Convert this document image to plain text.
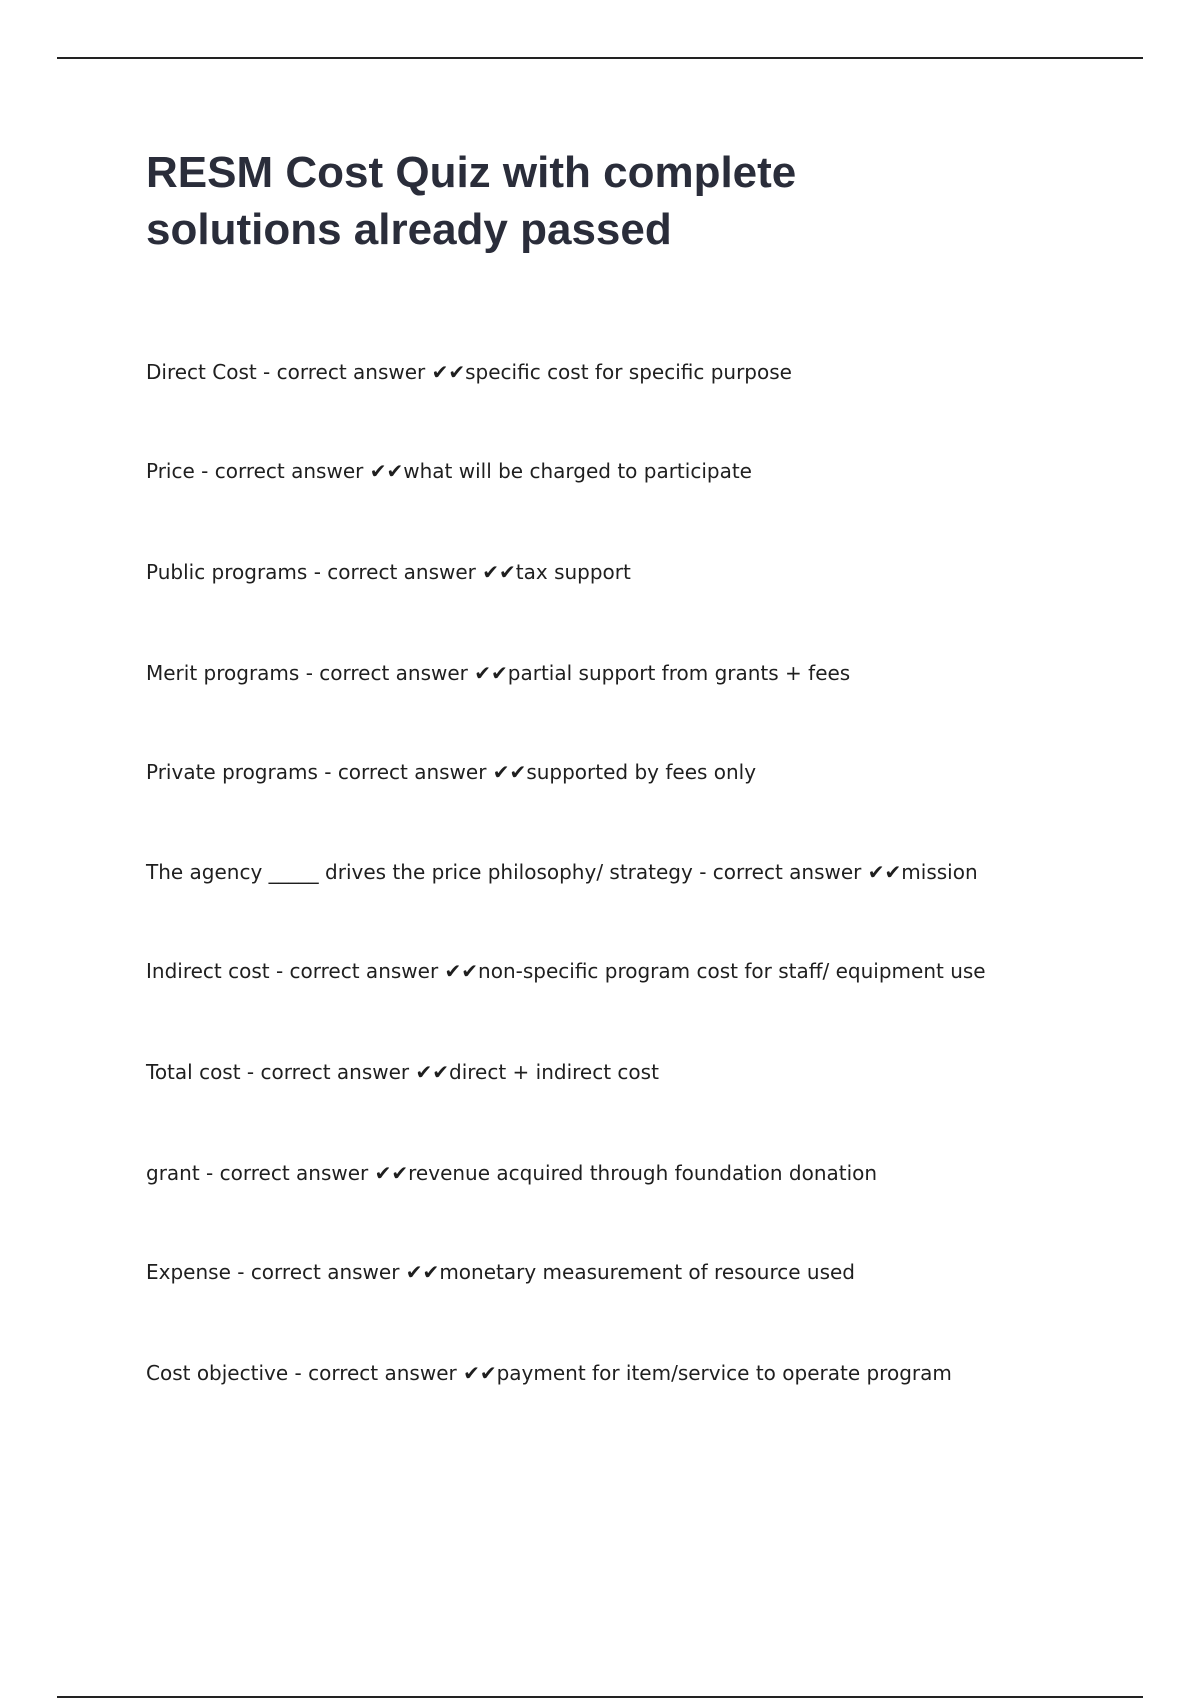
RESM Cost Quiz with complete solutions already passed
Direct Cost - correct answer ✔✔specific cost for specific purpose
Price - correct answer ✔✔what will be charged to participate
Public programs - correct answer ✔✔tax support
Merit programs - correct answer ✔✔partial support from grants + fees
Private programs - correct answer ✔✔supported by fees only
The agency _____ drives the price philosophy/ strategy - correct answer ✔✔mission
Indirect cost - correct answer ✔✔non-specific program cost for staff/ equipment use
Total cost - correct answer ✔✔direct + indirect cost
grant - correct answer ✔✔revenue acquired through foundation donation
Expense - correct answer ✔✔monetary measurement of resource used
Cost objective - correct answer ✔✔payment for item/service to operate program
